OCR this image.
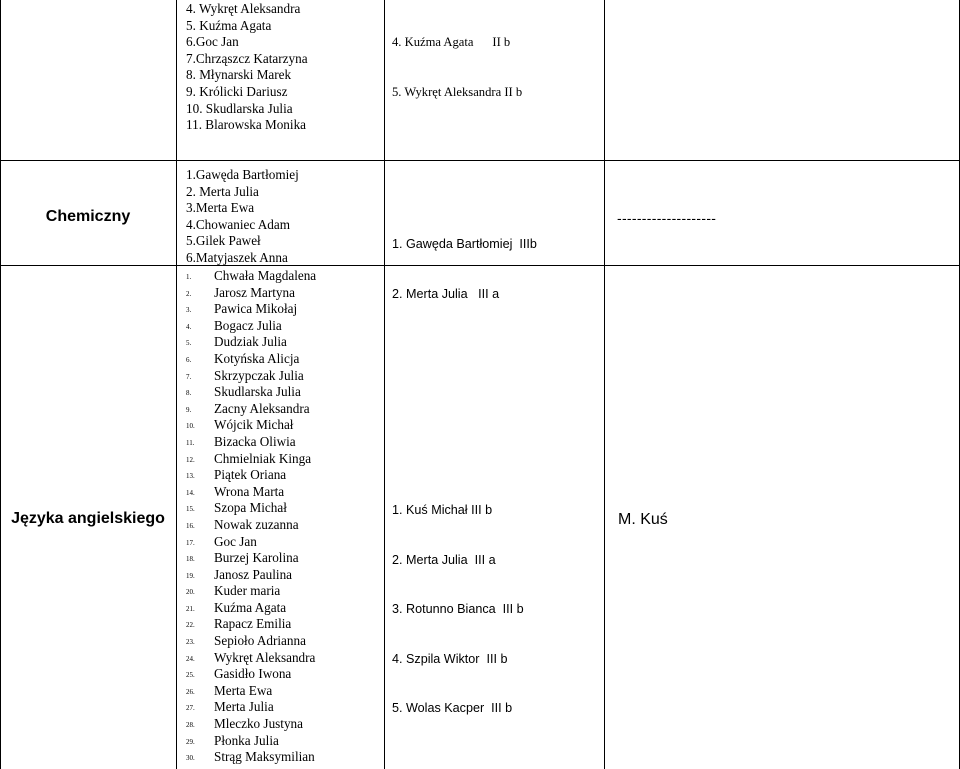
4. Wykręt Aleksandra
5. Kuźma Agata
6.Goc Jan
7.Chrząszcz Katarzyna
8. Młynarski Marek
9. Królicki Dariusz
10. Skudlarska Julia
11. Blarowska Monika

4. Kuźma Agata      II b

5. Wykręt Aleksandra II b

Chemiczny
1.Gawęda Bartłomiej
2. Merta Julia
3.Merta Ewa
4.Chowaniec Adam
5.Gilek Paweł
6.Matyjaszek Anna

1. Gawęda Bartłomiej  IIIb

2. Merta Julia   III a

--------------------
Języka angielskiego
1. Chwała Magdalena
2. Jarosz Martyna
3. Pawica Mikołaj
4. Bogacz Julia
5. Dudziak Julia
6. Kotyńska Alicja
7. Skrzypczak Julia
8. Skudlarska Julia
9. Zacny Aleksandra
10. Wójcik Michał
11. Bizacka Oliwia
12. Chmielniak Kinga
13. Piątek Oriana
14. Wrona Marta
15. Szopa Michał
16. Nowak zuzanna
17. Goc Jan
18. Burzej Karolina
19. Janosz Paulina
20. Kuder maria
21. Kuźma Agata
22. Rapacz Emilia
23. Sepioło Adrianna
24. Wykręt Aleksandra
25. Gasidło Iwona
26. Merta Ewa
27. Merta Julia
28. Mleczko Justyna
29. Płonka Julia
30. Strąg Maksymilian

1. Kuś Michał III b

2. Merta Julia  III a

3. Rotunno Bianca  III b

4. Szpila Wiktor  III b

5. Wolas Kacper  III b

M. Kuś
